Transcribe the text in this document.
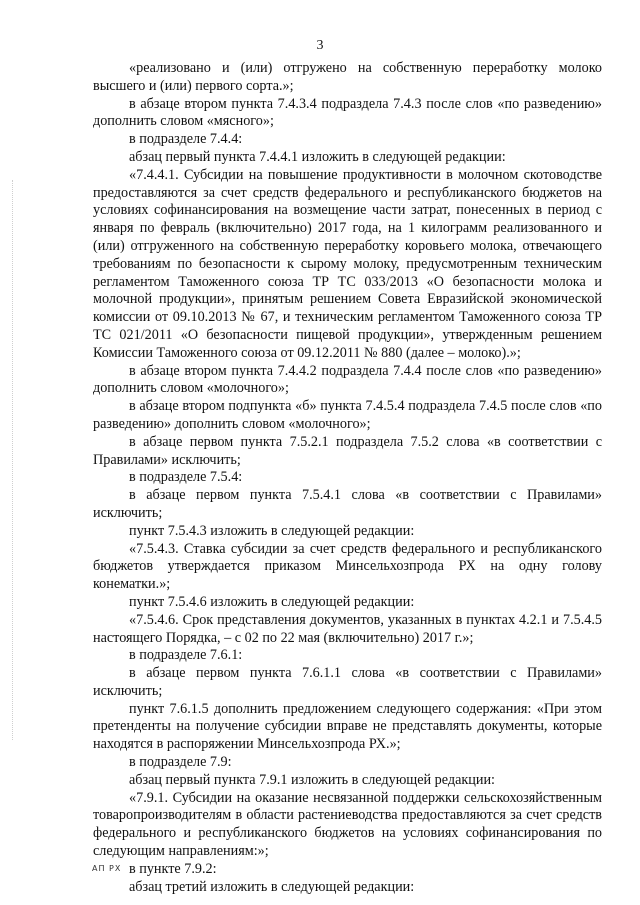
3

«реализовано и (или) отгружено на собственную переработку молоко высшего и (или) первого сорта.»;

в абзаце втором пункта 7.4.3.4 подраздела 7.4.3 после слов «по разведению» дополнить словом «мясного»;

в подразделе 7.4.4:

абзац первый пункта 7.4.4.1 изложить в следующей редакции:

«7.4.4.1. Субсидии на повышение продуктивности в молочном скотоводстве предоставляются за счет средств федерального и республиканского бюджетов на условиях софинансирования на возмещение части затрат, понесенных в период с января по февраль (включительно) 2017 года, на 1 килограмм реализованного и (или) отгруженного на собственную переработку коровьего молока, отвечающего требованиям по безопасности к сырому молоку, предусмотренным техническим регламентом Таможенного союза ТР ТС 033/2013 «О безопасности молока и молочной продукции», принятым решением Совета Евразийской экономической комиссии от 09.10.2013 № 67, и техническим регламентом Таможенного союза ТР ТС 021/2011 «О безопасности пищевой продукции», утвержденным решением Комиссии Таможенного союза от 09.12.2011 № 880 (далее – молоко).»;

в абзаце втором пункта 7.4.4.2 подраздела 7.4.4 после слов «по разведению» дополнить словом «молочного»;

в абзаце втором подпункта «б» пункта 7.4.5.4 подраздела 7.4.5 после слов «по разведению» дополнить словом «молочного»;

в абзаце первом пункта 7.5.2.1 подраздела 7.5.2 слова «в соответствии с Правилами» исключить;

в подразделе 7.5.4:

в абзаце первом пункта 7.5.4.1 слова «в соответствии с Правилами» исключить;

пункт 7.5.4.3 изложить в следующей редакции:

«7.5.4.3. Ставка субсидии за счет средств федерального и республиканского бюджетов утверждается приказом Минсельхозпрода РХ на одну голову конематки.»;

пункт 7.5.4.6 изложить в следующей редакции:

«7.5.4.6. Срок представления документов, указанных в пунктах 4.2.1 и 7.5.4.5 настоящего Порядка, – с 02 по 22 мая (включительно) 2017 г.»;

в подразделе 7.6.1:

в абзаце первом пункта 7.6.1.1 слова «в соответствии с Правилами» исключить;

пункт 7.6.1.5 дополнить предложением следующего содержания: «При этом претенденты на получение субсидии вправе не представлять документы, которые находятся в распоряжении Минсельхозпрода РХ.»;

в подразделе 7.9:

абзац первый пункта 7.9.1 изложить в следующей редакции:

«7.9.1. Субсидии на оказание несвязанной поддержки сельскохозяйственным товаропроизводителям в области растениеводства предоставляются за счет средств федерального и республиканского бюджетов на условиях софинансирования по следующим направлениям:»;

в пункте 7.9.2:

абзац третий изложить в следующей редакции:

АП РХ
